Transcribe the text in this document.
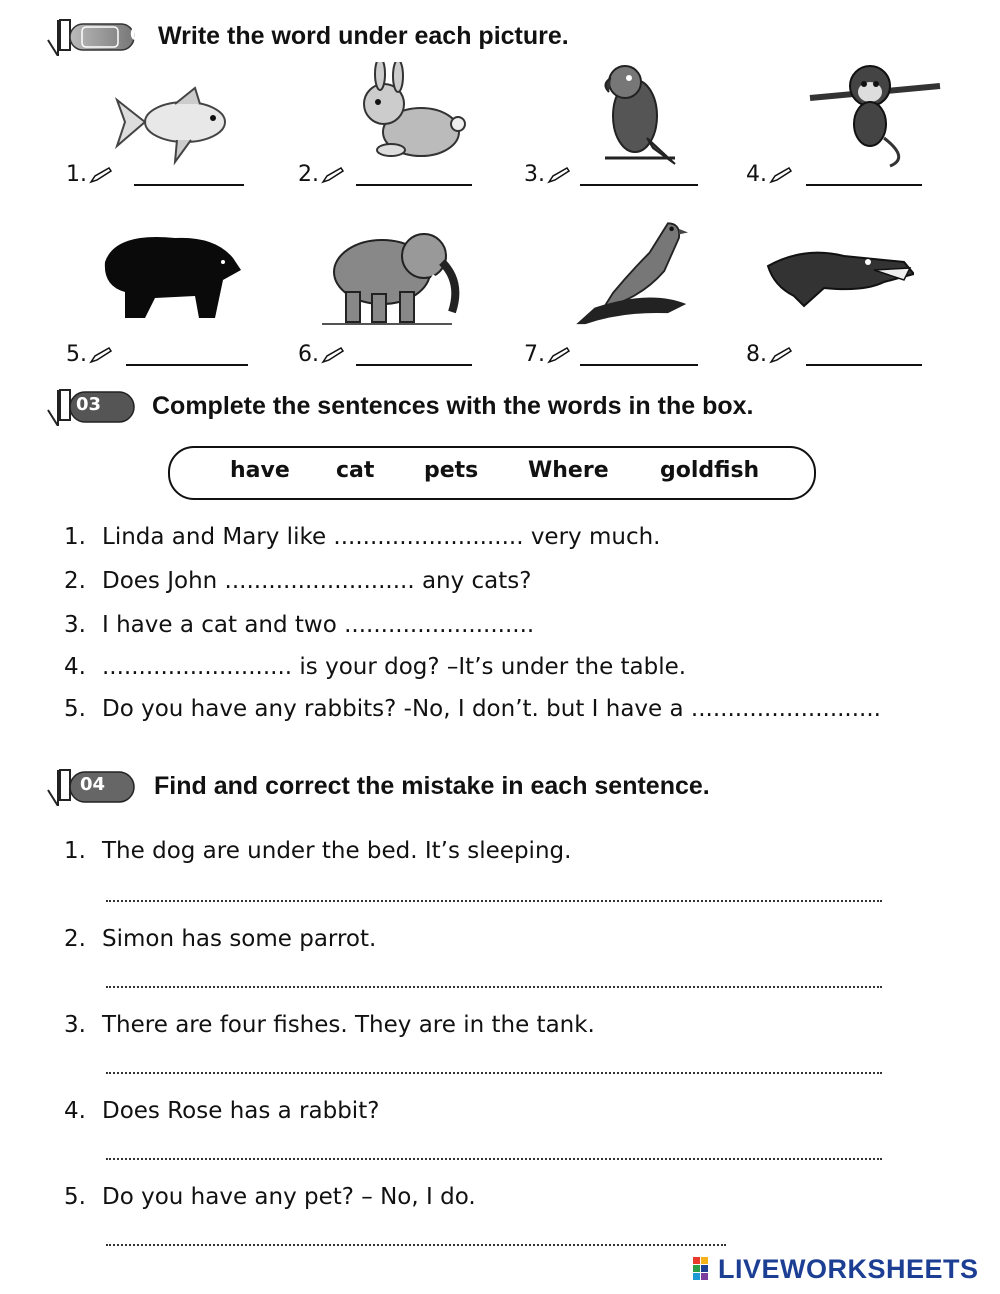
02 Write the word under each picture.
1.	2.	3.	4.
5.	6.	7.	8.
03 Complete the sentences with the words in the box.
have cat pets Where goldfish
1. Linda and Mary like .......................... very much.
2. Does John .......................... any cats?
3. I have a cat and two ..........................
4. .......................... is your dog? –It’s under the table.
5. Do you have any rabbits? -No, I don’t. but I have a ..........................
04 Find and correct the mistake in each sentence.
1. The dog are under the bed. It’s sleeping.
2. Simon has some parrot.
3. There are four fishes. They are in the tank.
4. Does Rose has a rabbit?
5. Do you have any pet? – No, I do.
LIVEWORKSHEETS
